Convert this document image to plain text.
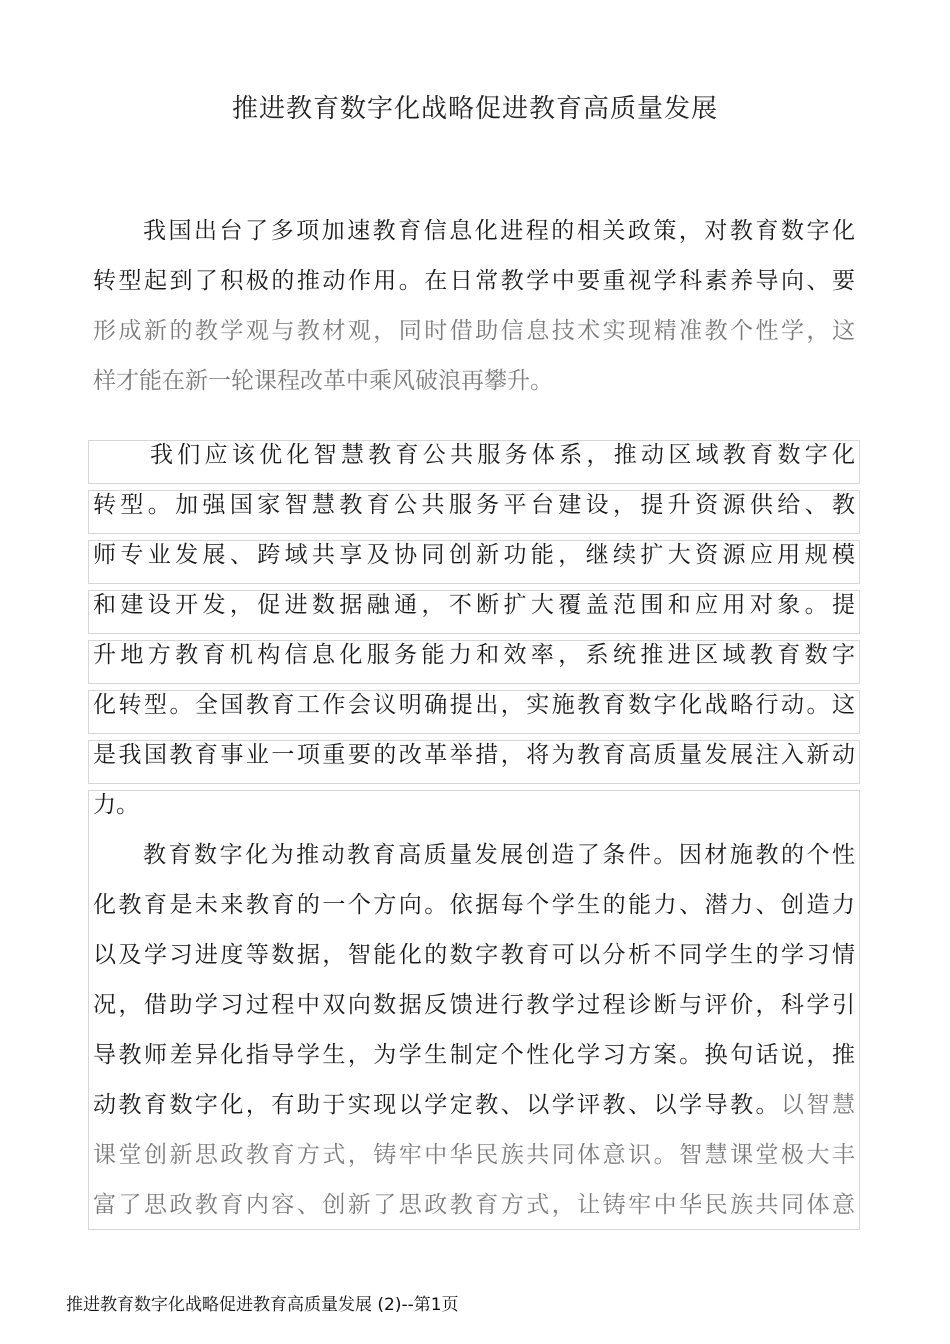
推进教育数字化战略促进教育高质量发展
我国出台了多项加速教育信息化进程的相关政策，对教育数字化
转型起到了积极的推动作用。在日常教学中要重视学科素养导向、要
形成新的教学观与教材观，同时借助信息技术实现精准教个性学，这
样才能在新一轮课程改革中乘风破浪再攀升。
我们应该优化智慧教育公共服务体系，推动区域教育数字化
转型。加强国家智慧教育公共服务平台建设，提升资源供给、教
师专业发展、跨域共享及协同创新功能，继续扩大资源应用规模
和建设开发，促进数据融通，不断扩大覆盖范围和应用对象。提
升地方教育机构信息化服务能力和效率，系统推进区域教育数字
化转型。全国教育工作会议明确提出，实施教育数字化战略行动。这
是我国教育事业一项重要的改革举措，将为教育高质量发展注入新动
力。
教育数字化为推动教育高质量发展创造了条件。因材施教的个性
化教育是未来教育的一个方向。依据每个学生的能力、潜力、创造力
以及学习进度等数据，智能化的数字教育可以分析不同学生的学习情
况，借助学习过程中双向数据反馈进行教学过程诊断与评价，科学引
导教师差异化指导学生，为学生制定个性化学习方案。换句话说，推
动教育数字化，有助于实现以学定教、以学评教、以学导教。以智慧
课堂创新思政教育方式，铸牢中华民族共同体意识。智慧课堂极大丰
富了思政教育内容、创新了思政教育方式，让铸牢中华民族共同体意
推进教育数字化战略促进教育高质量发展 (2)--第1页
